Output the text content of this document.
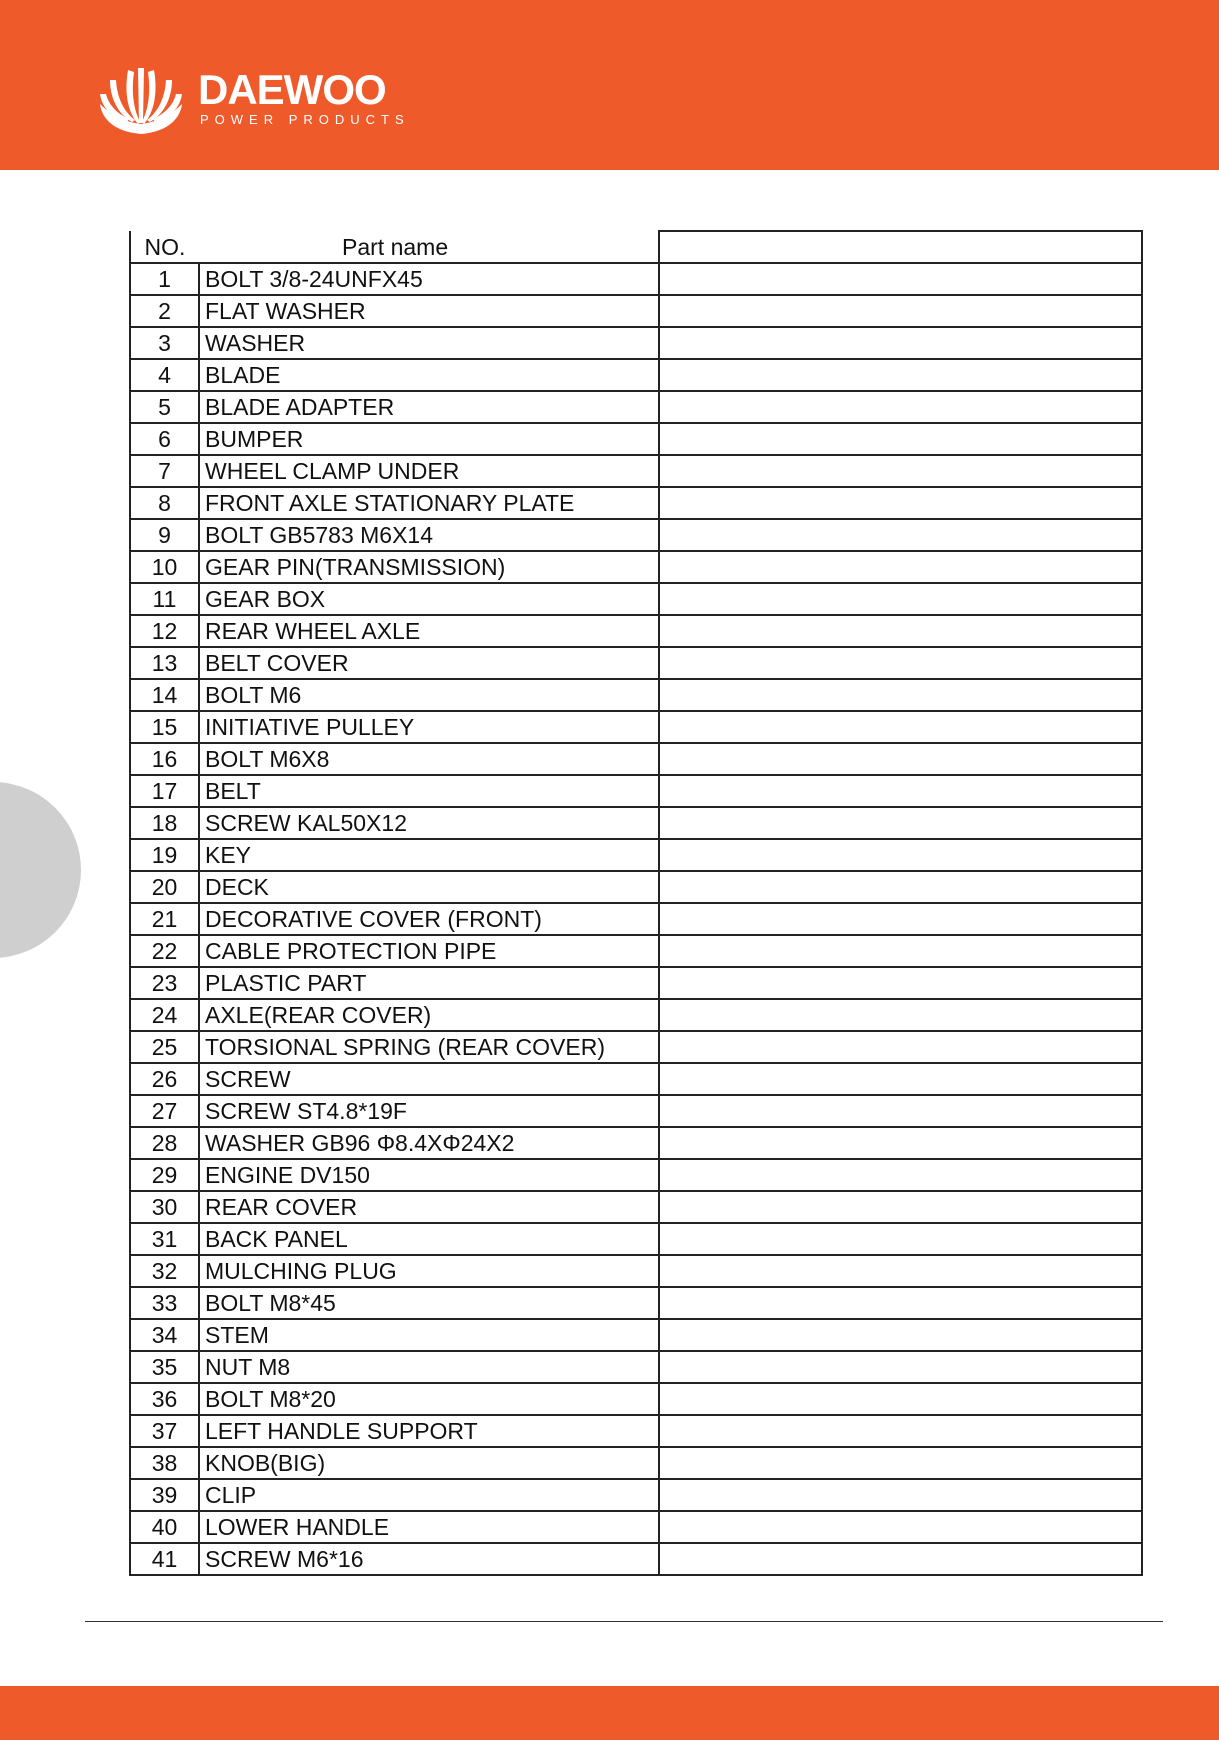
DAEWOO
POWER PRODUCTS
NO.	Part name	
1	BOLT 3/8-24UNFX45	
2	FLAT WASHER	
3	WASHER	
4	BLADE	
5	BLADE ADAPTER	
6	BUMPER	
7	WHEEL CLAMP UNDER	
8	FRONT AXLE STATIONARY PLATE	
9	BOLT GB5783 M6X14	
10	GEAR PIN(TRANSMISSION)	
11	GEAR BOX	
12	REAR WHEEL AXLE	
13	BELT COVER	
14	BOLT M6	
15	INITIATIVE PULLEY	
16	BOLT M6X8	
17	BELT	
18	SCREW KAL50X12	
19	KEY	
20	DECK	
21	DECORATIVE COVER (FRONT)	
22	CABLE PROTECTION PIPE	
23	PLASTIC PART	
24	AXLE(REAR COVER)	
25	TORSIONAL SPRING (REAR COVER)	
26	SCREW	
27	SCREW ST4.8*19F	
28	WASHER GB96 Φ8.4XΦ24X2	
29	ENGINE DV150	
30	REAR COVER	
31	BACK PANEL	
32	MULCHING PLUG	
33	BOLT M8*45	
34	STEM	
35	NUT M8	
36	BOLT M8*20	
37	LEFT HANDLE SUPPORT	
38	KNOB(BIG)	
39	CLIP	
40	LOWER HANDLE	
41	SCREW M6*16	
